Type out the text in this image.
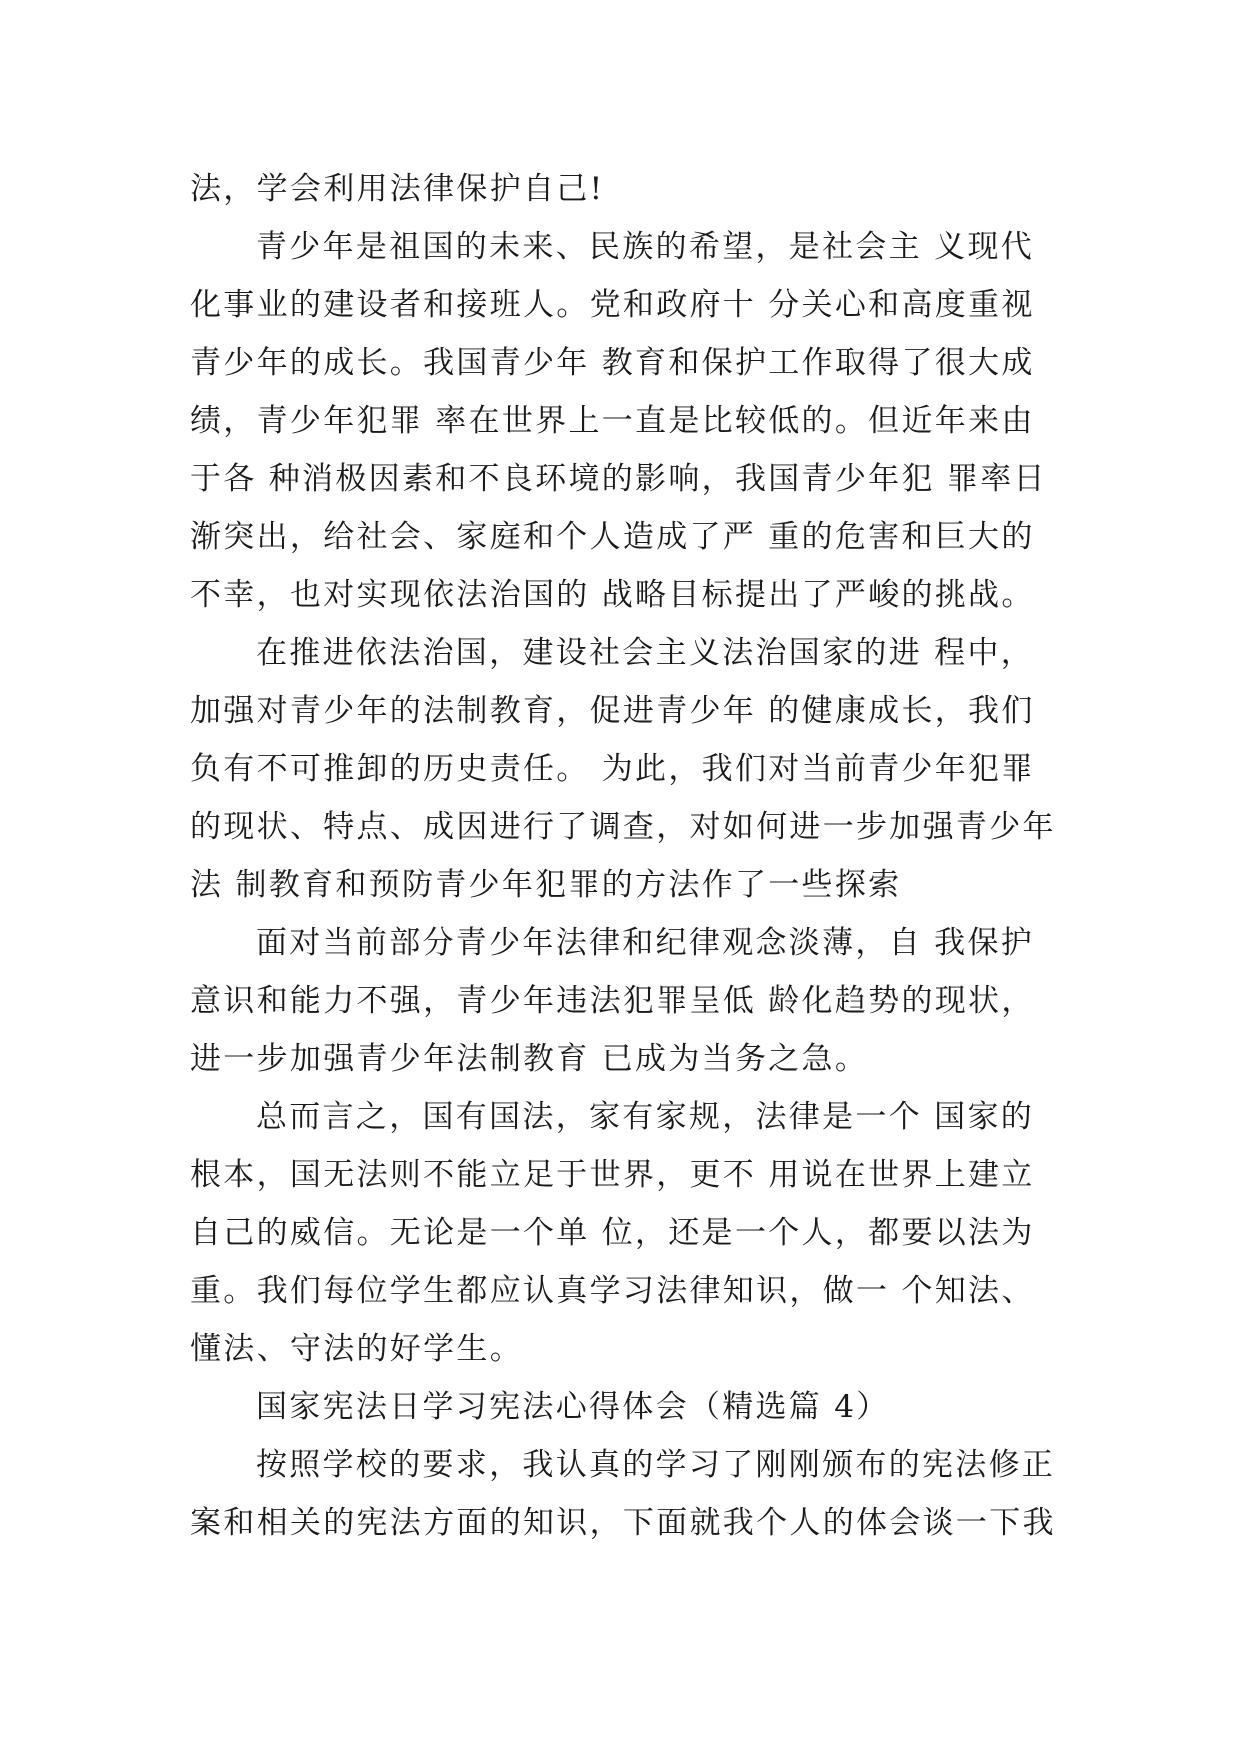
法，学会利用法律保护自己!
青少年是祖国的未来、民族的希望，是社会主 义现代
化事业的建设者和接班人。党和政府十 分关心和高度重视
青少年的成长。我国青少年 教育和保护工作取得了很大成
绩，青少年犯罪 率在世界上一直是比较低的。但近年来由
于各 种消极因素和不良环境的影响，我国青少年犯 罪率日
渐突出，给社会、家庭和个人造成了严 重的危害和巨大的
不幸，也对实现依法治国的 战略目标提出了严峻的挑战。
在推进依法治国，建设社会主义法治国家的进 程中，
加强对青少年的法制教育，促进青少年 的健康成长，我们
负有不可推卸的历史责任。 为此，我们对当前青少年犯罪
的现状、特点、成因进行了调查，对如何进一步加强青少年
法 制教育和预防青少年犯罪的方法作了一些探索
面对当前部分青少年法律和纪律观念淡薄，自 我保护
意识和能力不强，青少年违法犯罪呈低 龄化趋势的现状，
进一步加强青少年法制教育 已成为当务之急。
总而言之，国有国法，家有家规，法律是一个 国家的
根本，国无法则不能立足于世界，更不 用说在世界上建立
自己的威信。无论是一个单 位，还是一个人，都要以法为
重。我们每位学生都应认真学习法律知识，做一 个知法、
懂法、守法的好学生。
国家宪法日学习宪法心得体会（精选篇 4）
按照学校的要求，我认真的学习了刚刚颁布的宪法修正
案和相关的宪法方面的知识，下面就我个人的体会谈一下我
